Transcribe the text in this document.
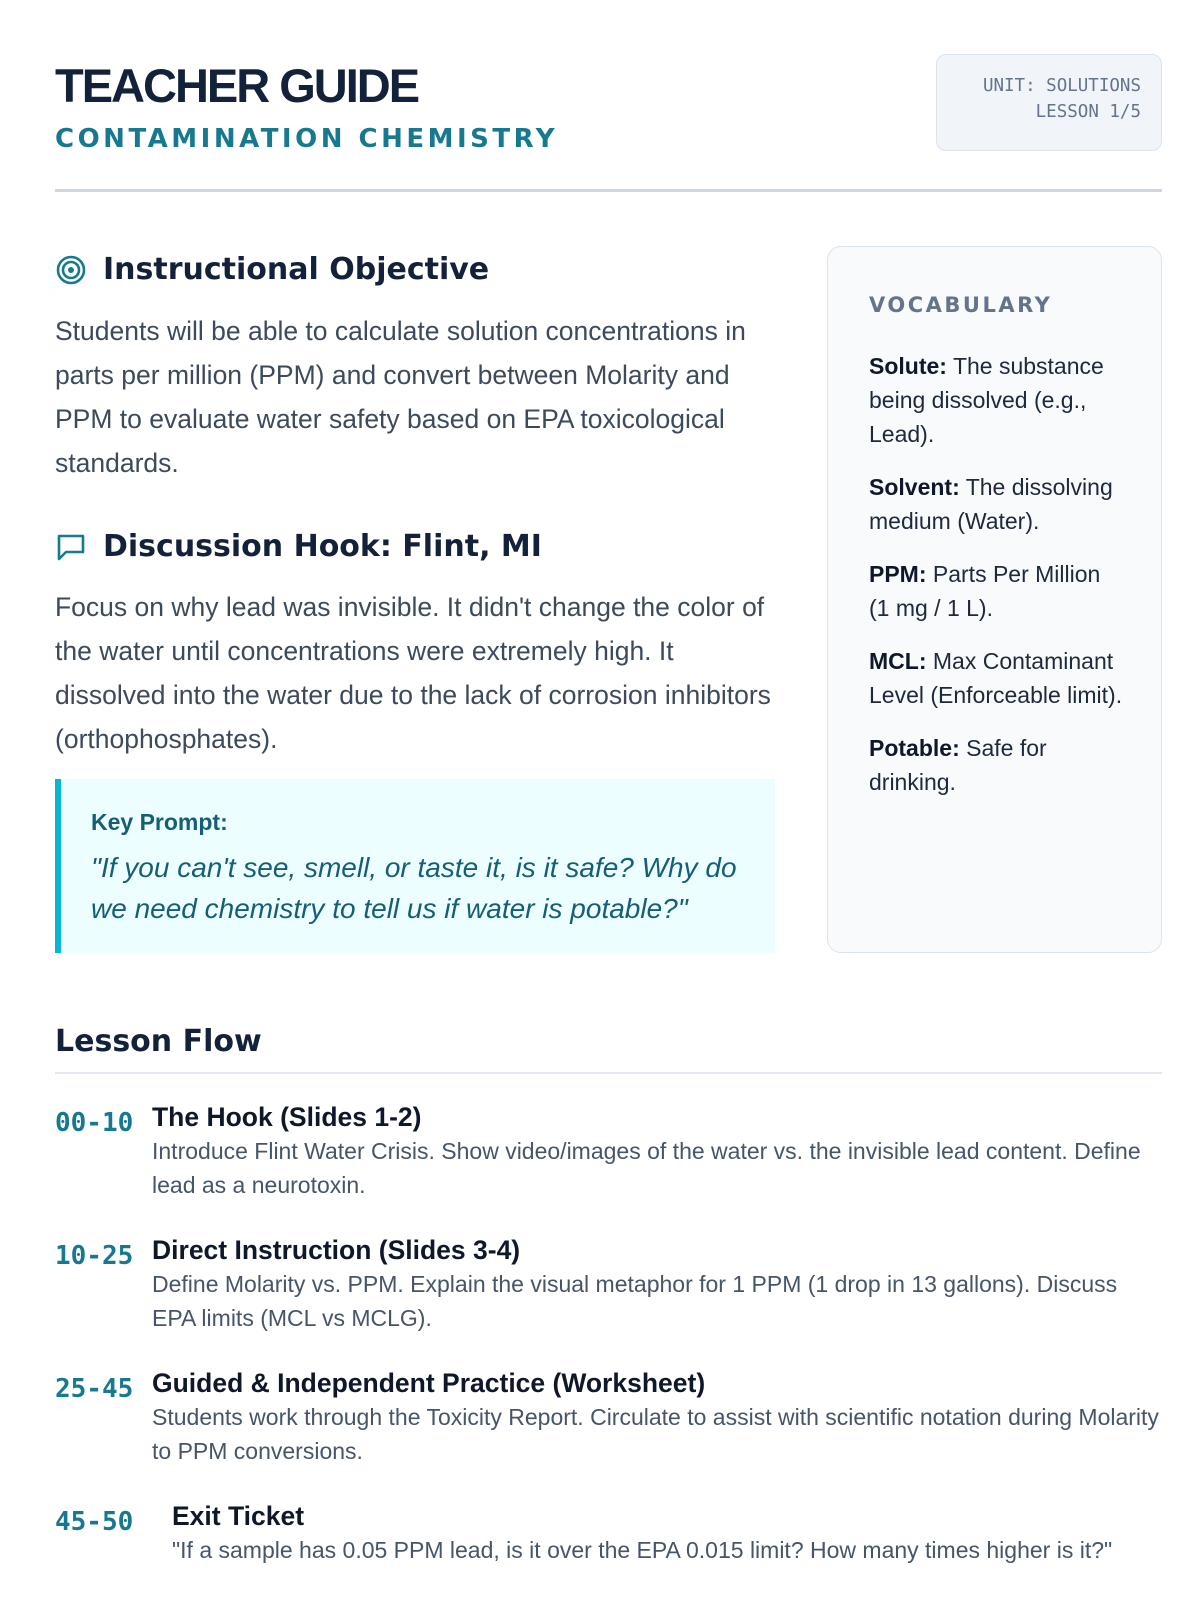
TEACHER GUIDE
CONTAMINATION CHEMISTRY
UNIT: SOLUTIONS
LESSON 1/5
Instructional Objective
Students will be able to calculate solution concentrations in parts per million (PPM) and convert between Molarity and PPM to evaluate water safety based on EPA toxicological standards.
Discussion Hook: Flint, MI
Focus on why lead was invisible. It didn't change the color of the water until concentrations were extremely high. It dissolved into the water due to the lack of corrosion inhibitors (orthophosphates).
Key Prompt:
"If you can't see, smell, or taste it, is it safe? Why do we need chemistry to tell us if water is potable?"
VOCABULARY
Solute: The substance being dissolved (e.g., Lead).
Solvent: The dissolving medium (Water).
PPM: Parts Per Million (1 mg / 1 L).
MCL: Max Contaminant Level (Enforceable limit).
Potable: Safe for drinking.
Lesson Flow
00-10 The Hook (Slides 1-2)
Introduce Flint Water Crisis. Show video/images of the water vs. the invisible lead content. Define lead as a neurotoxin.
10-25 Direct Instruction (Slides 3-4)
Define Molarity vs. PPM. Explain the visual metaphor for 1 PPM (1 drop in 13 gallons). Discuss EPA limits (MCL vs MCLG).
25-45 Guided & Independent Practice (Worksheet)
Students work through the Toxicity Report. Circulate to assist with scientific notation during Molarity to PPM conversions.
45-50	Exit Ticket
"If a sample has 0.05 PPM lead, is it over the EPA 0.015 limit? How many times higher is it?"
